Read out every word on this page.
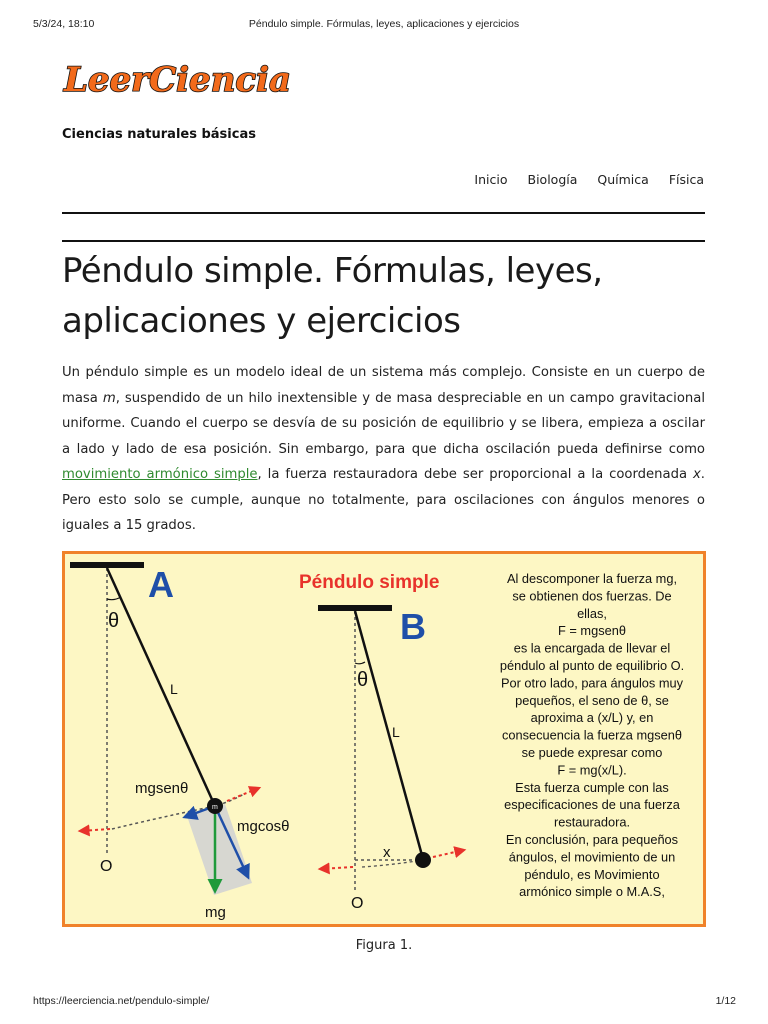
5/3/24, 18:10	Péndulo simple. Fórmulas, leyes, aplicaciones y ejercicios
LeerCiencia
Ciencias naturales básicas
Inicio Biología Química Física
Péndulo simple. Fórmulas, leyes, aplicaciones y ejercicios

Un péndulo simple es un modelo ideal de un sistema más complejo. Consiste en un cuerpo de masa m, suspendido de un hilo inextensible y de masa despreciable en un campo gravitacional uniforme. Cuando el cuerpo se desvía de su posición de equilibrio y se libera, empieza a oscilar a lado y lado de esa posición. Sin embargo, para que dicha oscilación pueda definirse como movimiento armónico simple, la fuerza restauradora debe ser proporcional a la coordenada x. Pero esto solo se cumple, aunque no totalmente, para oscilaciones con ángulos menores o iguales a 15 grados.

A
θ
L
O
m
mgsenθ
mgcosθ
mg
Péndulo simple
B
θ
L
O
x
Al descomponer la fuerza mg,
se obtienen dos fuerzas. De
ellas,
F = mgsenθ
es la encargada de llevar el
péndulo al punto de equilibrio O.
Por otro lado, para ángulos muy
pequeños, el seno de θ, se
aproxima a (x/L) y, en
consecuencia la fuerza mgsenθ
se puede expresar como
F = mg(x/L).
Esta fuerza cumple con las
especificaciones de una fuerza
restauradora.
En conclusión, para pequeños
ángulos, el movimiento de un
péndulo, es Movimiento
armónico simple o M.A.S,
Figura 1.
https://leerciencia.net/pendulo-simple/	1/12
